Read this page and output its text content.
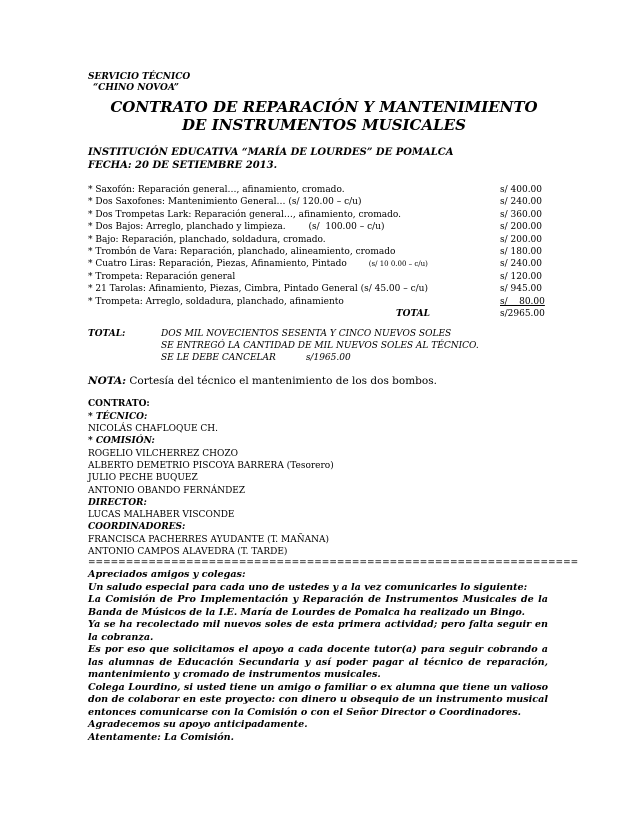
SERVICIO TÉCNICO
“CHINO NOVOA”
CONTRATO DE REPARACIÓN Y MANTENIMIENTO
DE INSTRUMENTOS MUSICALES
INSTITUCIÓN EDUCATIVA “MARÍA DE LOURDES” DE POMALCA
FECHA: 20 DE SETIEMBRE 2013.
* Saxofón: Reparación general…, afinamiento, cromado.	s/ 400.00
* Dos Saxofones: Mantenimiento General… (s/ 120.00 – c/u)	s/ 240.00
* Dos Trompetas Lark: Reparación general…, afinamiento, cromado.	s/ 360.00
* Dos Bajos: Arreglo, planchado y limpieza.        (s/  100.00 – c/u)	s/ 200.00
* Bajo: Reparación, planchado, soldadura, cromado.	s/ 200.00
* Trombón de Vara: Reparación, planchado, alineamiento, cromado	s/ 180.00
* Cuatro Liras: Reparación, Piezas, Afinamiento, Pintado	(s/ 10 0.00 – c/u)	s/ 240.00
* Trompeta: Reparación general	s/ 120.00
* 21 Tarolas: Afinamiento, Piezas, Cimbra, Pintado General (s/ 45.00 – c/u)	s/ 945.00
* Trompeta: Arreglo, soldadura, planchado, afinamiento	s/    80.00
TOTAL	s/2965.00
TOTAL:	DOS MIL NOVECIENTOS SESENTA Y CINCO NUEVOS SOLES
SE ENTREGÓ LA CANTIDAD DE MIL NUEVOS SOLES AL TÉCNICO.
SE LE DEBE CANCELAR	s/1965.00
NOTA: Cortesía del técnico el mantenimiento de los dos bombos.
CONTRATO:
* TÉCNICO:
NICOLÁS CHAFLOQUE CH.
* COMISIÓN:
ROGELIO VILCHERREZ CHOZO
ALBERTO DEMETRIO PISCOYA BARRERA (Tesorero)
JULIO PECHE BUQUEZ
ANTONIO OBANDO FERNÁNDEZ
DIRECTOR:
LUCAS MALHABER VISCONDE
COORDINADORES:
FRANCISCA PACHERRES AYUDANTE (T. MAÑANA)
ANTONIO CAMPOS ALAVEDRA (T. TARDE)
=================================================================
Apreciados amigos y colegas:
Un saludo especial para cada uno de ustedes y a la vez comunicarles lo siguiente:
La Comisión de Pro Implementación y Reparación de Instrumentos Musicales de la Banda de Músicos de la I.E. María de Lourdes de Pomalca ha realizado un Bingo.
Ya se ha recolectado mil nuevos soles de esta primera actividad; pero falta seguir en la cobranza.
Es por eso que solicitamos el apoyo a cada docente tutor(a) para seguir cobrando a las alumnas de Educación Secundaria y así poder pagar al técnico de reparación, mantenimiento y cromado de instrumentos musicales.
Colega Lourdino, si usted tiene un amigo o familiar o ex alumna que tiene un valioso don de colaborar en este proyecto: con dinero u obsequio de un instrumento musical entonces comunicarse con la Comisión o con el Señor Director o Coordinadores.
Agradecemos su apoyo anticipadamente.
Atentamente: La Comisión.
